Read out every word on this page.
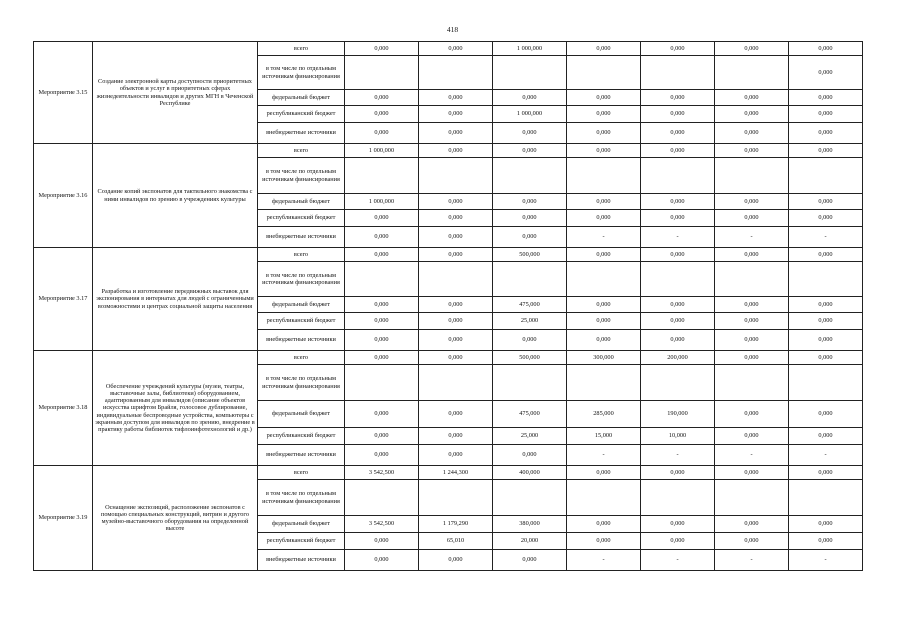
418
Мероприятие 3.15	Создание электронной карты доступности приоритетных объектов и услуг в приоритетных сферах жизнедеятельности инвалидов и других МГН в Чеченской Республике	всего	0,000	0,000	1 000,000	0,000	0,000	0,000	0,000
		в том числе по отдельным источникам финансирования							0,000
		федеральный бюджет	0,000	0,000	0,000	0,000	0,000	0,000	0,000
		республиканский бюджет	0,000	0,000	1 000,000	0,000	0,000	0,000	0,000
		внебюджетные источники	0,000	0,000	0,000	0,000	0,000	0,000	0,000
Мероприятие 3.16	Создание копий экспонатов для тактильного знакомства с ними инвалидов по зрению в учреждениях культуры	всего	1 000,000	0,000	0,000	0,000	0,000	0,000	0,000
		в том числе по отдельным источникам финансирования							
		федеральный бюджет	1 000,000	0,000	0,000	0,000	0,000	0,000	0,000
		республиканский бюджет	0,000	0,000	0,000	0,000	0,000	0,000	0,000
		внебюджетные источники	0,000	0,000	0,000	-	-	-	-
Мероприятие 3.17	Разработка и изготовление передвижных выставок для экспонирования в интернатах для людей с ограниченными возможностями и центрах социальной защиты населения	всего	0,000	0,000	500,000	0,000	0,000	0,000	0,000
		в том числе по отдельным источникам финансирования							
		федеральный бюджет	0,000	0,000	475,000	0,000	0,000	0,000	0,000
		республиканский бюджет	0,000	0,000	25,000	0,000	0,000	0,000	0,000
		внебюджетные источники	0,000	0,000	0,000	0,000	0,000	0,000	0,000
Мероприятие 3.18	Обеспечение учреждений культуры (музеи, театры, выставочные залы, библиотеки) оборудованием, адаптированным для инвалидов (описание объектов искусства шрифтом Брайля, голосовое дублирование, индивидуальные беспроводные устройства, компьютеры с экранным доступом для инвалидов по зрению, внедрение в практику работы библиотек тифлоинфотехнологий и др.)	всего	0,000	0,000	500,000	300,000	200,000	0,000	0,000
		в том числе по отдельным источникам финансирования							
		федеральный бюджет	0,000	0,000	475,000	285,000	190,000	0,000	0,000
		республиканский бюджет	0,000	0,000	25,000	15,000	10,000	0,000	0,000
		внебюджетные источники	0,000	0,000	0,000	-	-	-	-
Мероприятие 3.19	Оснащение экспозиций, расположение экспонатов с помощью специальных конструкций, витрин и другого музейно-выставочного оборудования на определенной высоте	всего	3 542,500	1 244,300	400,000	0,000	0,000	0,000	0,000
		в том числе по отдельным источникам финансирования							
		федеральный бюджет	3 542,500	1 179,290	380,000	0,000	0,000	0,000	0,000
		республиканский бюджет	0,000	65,010	20,000	0,000	0,000	0,000	0,000
		внебюджетные источники	0,000	0,000	0,000	-	-	-	-
